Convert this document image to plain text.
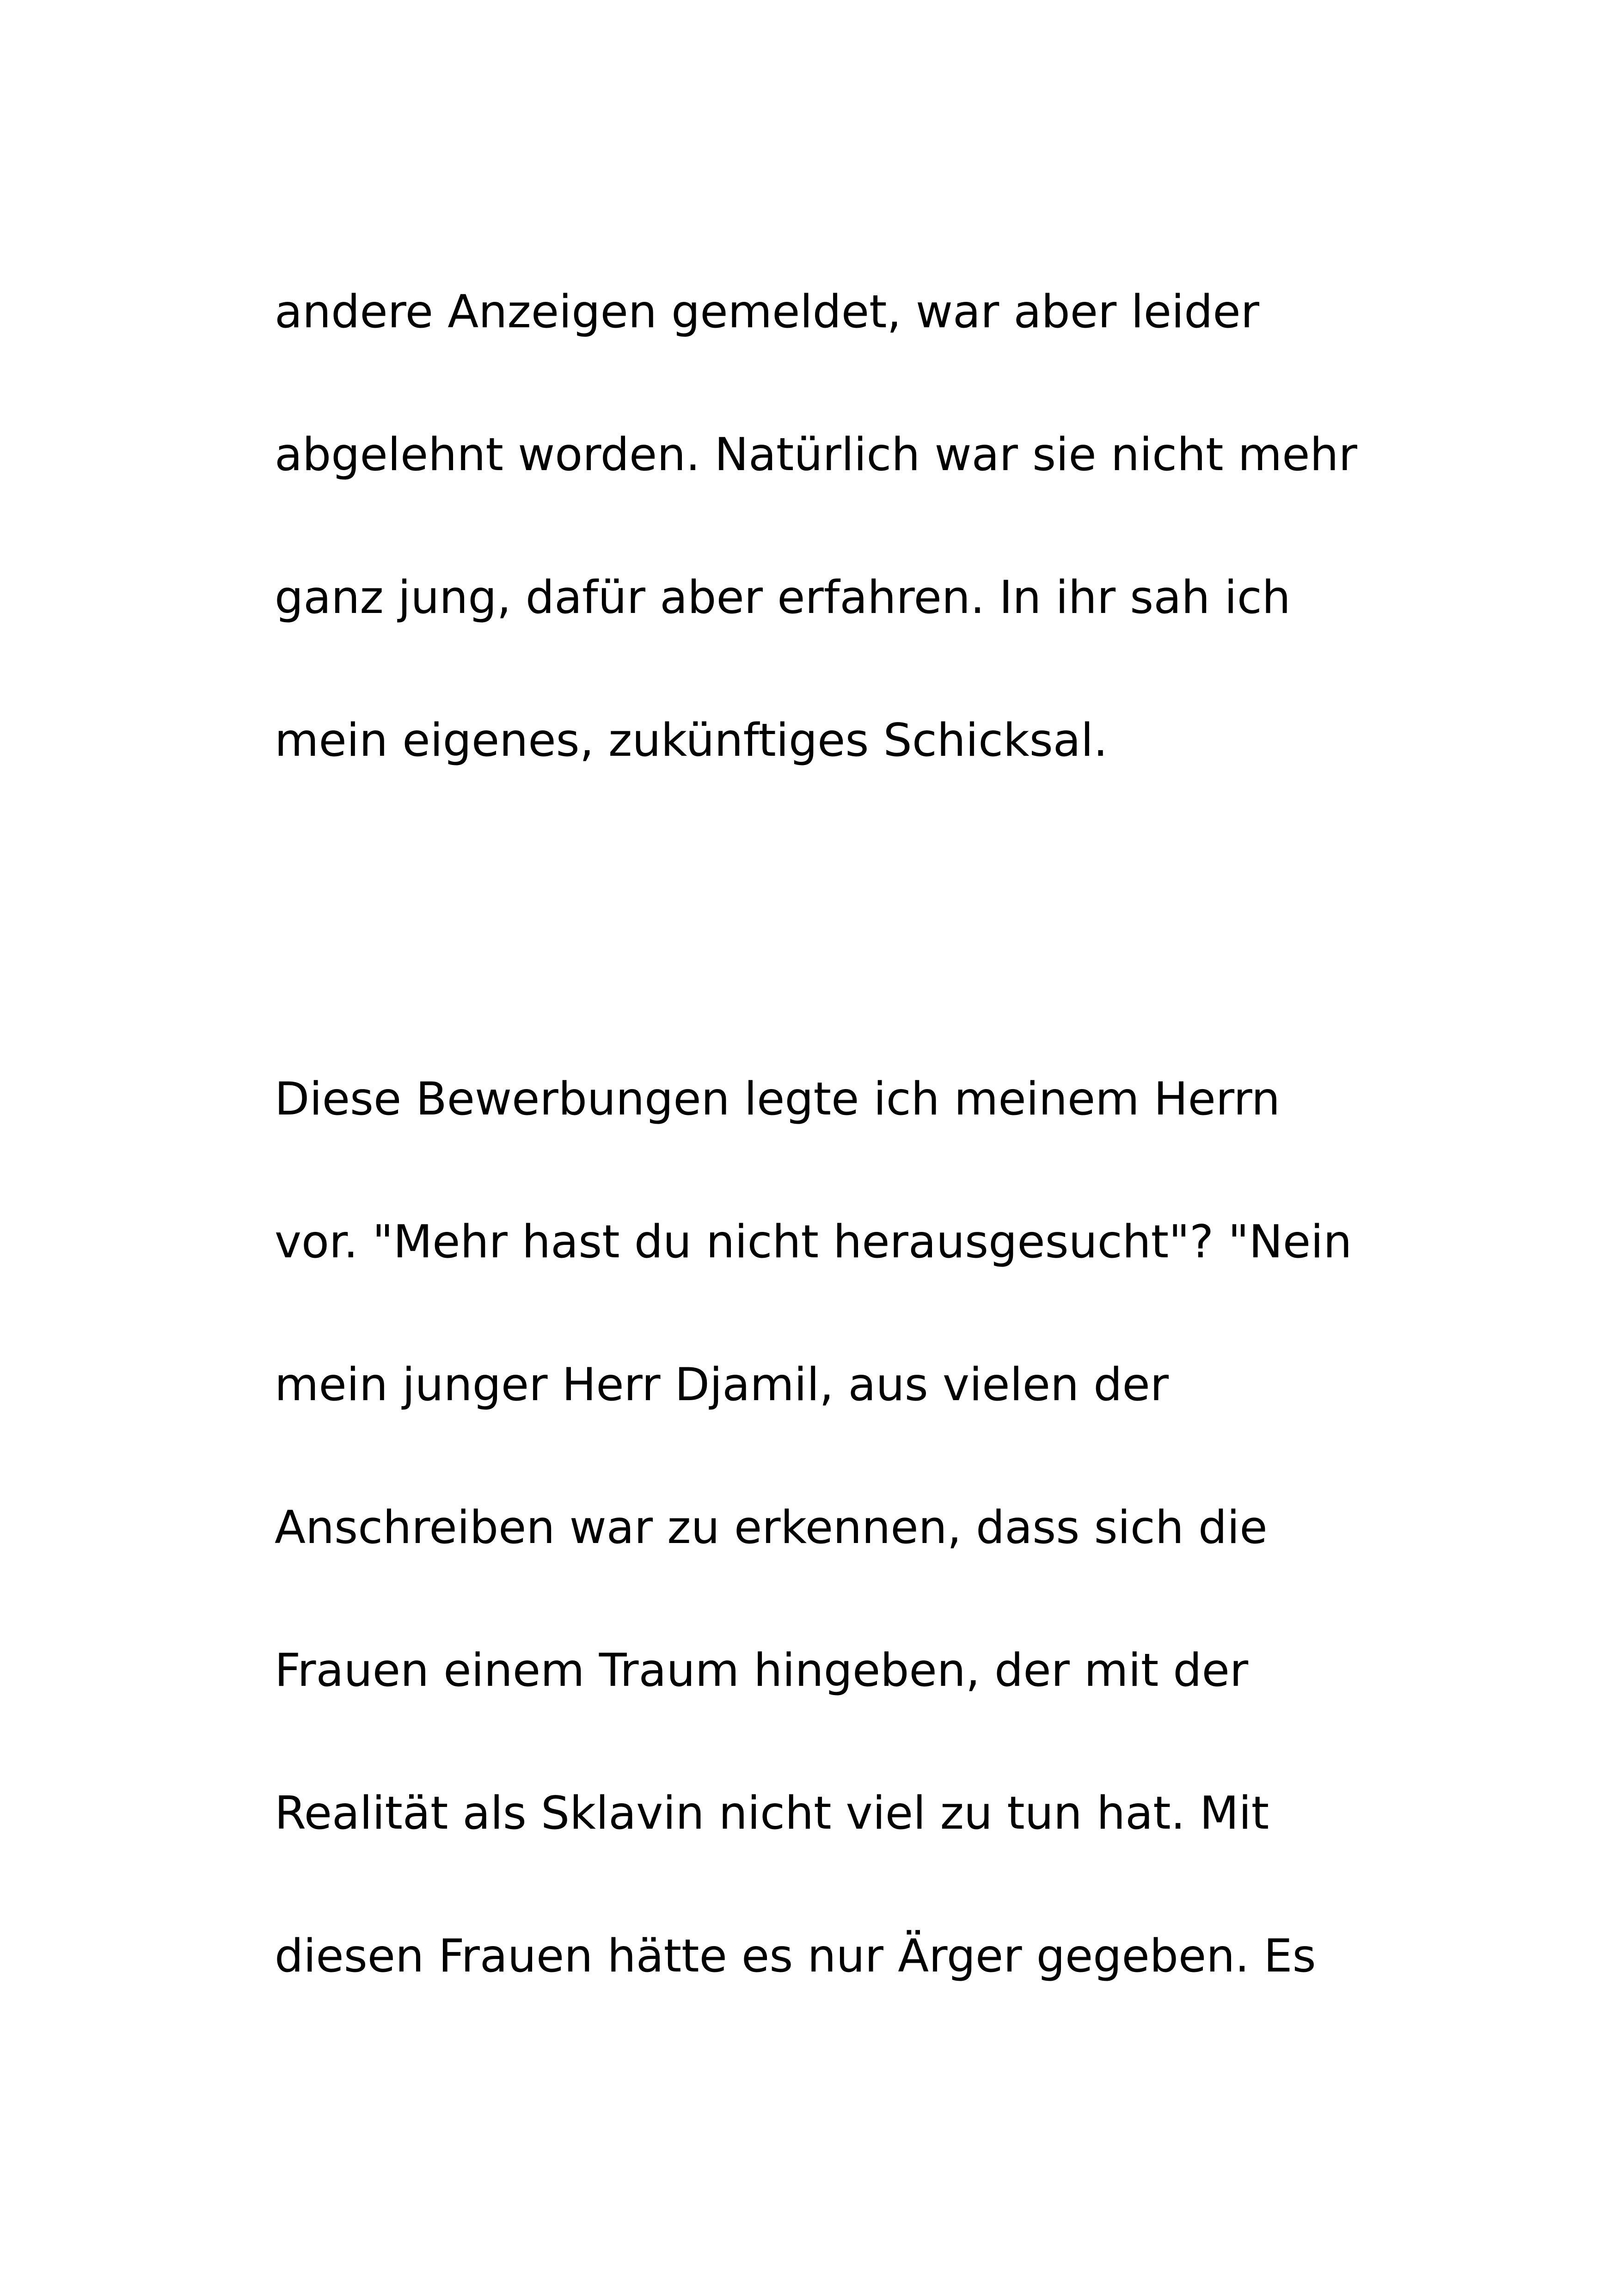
andere Anzeigen gemeldet, war aber leider

abgelehnt worden. Natürlich war sie nicht mehr

ganz jung, dafür aber erfahren. In ihr sah ich

mein eigenes, zukünftiges Schicksal.

Diese Bewerbungen legte ich meinem Herrn

vor. "Mehr hast du nicht herausgesucht"? "Nein

mein junger Herr Djamil, aus vielen der

Anschreiben war zu erkennen, dass sich die

Frauen einem Traum hingeben, der mit der

Realität als Sklavin nicht viel zu tun hat. Mit

diesen Frauen hätte es nur Ärger gegeben. Es
